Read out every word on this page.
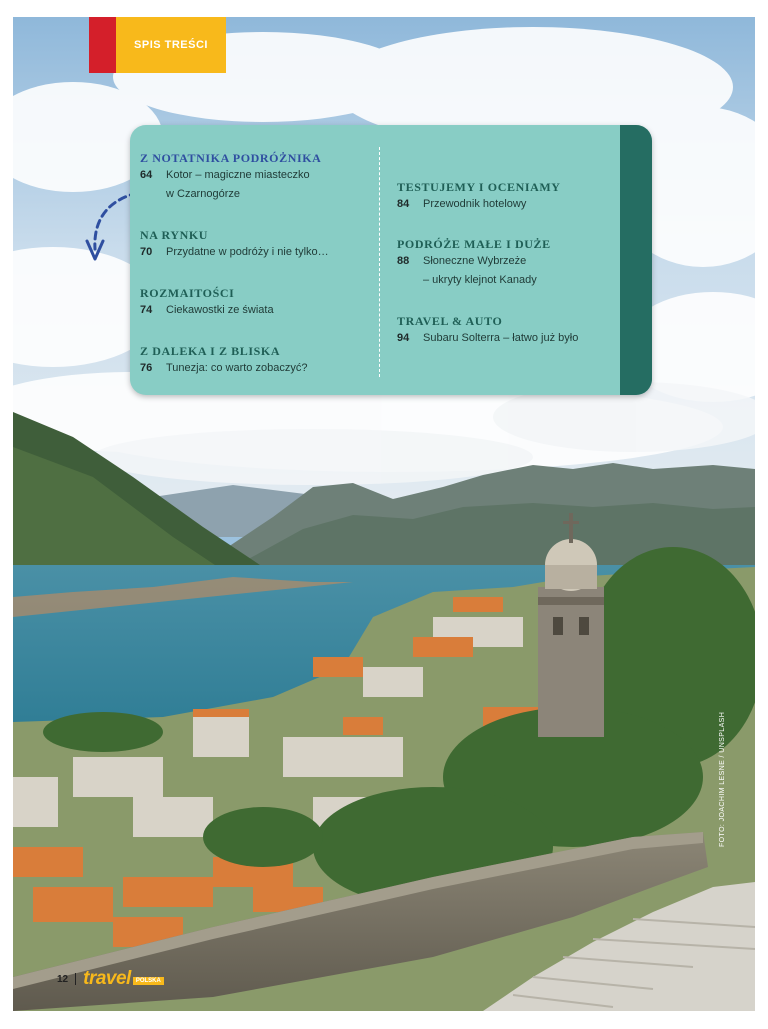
SPIS TREŚCI
Z NOTATNIKA PODRÓŻNIKA
64	Kotor – magiczne miasteczko
w Czarnogórze
NA RYNKU
70	Przydatne w podróży i nie tylko…
ROZMAITOŚCI
74	Ciekawostki ze świata
Z DALEKA I Z BLISKA
76	Tunezja: co warto zobaczyć?
TESTUJEMY I OCENIAMY
84	Przewodnik hotelowy
PODRÓŻE MAŁE I DUŻE
88	Słoneczne Wybrzeże
– ukryty klejnot Kanady
TRAVEL & AUTO
94	Subaru Solterra – łatwo już było
FOTO: JOACHIM LESNE / UNSPLASH
12 travel POLSKA
